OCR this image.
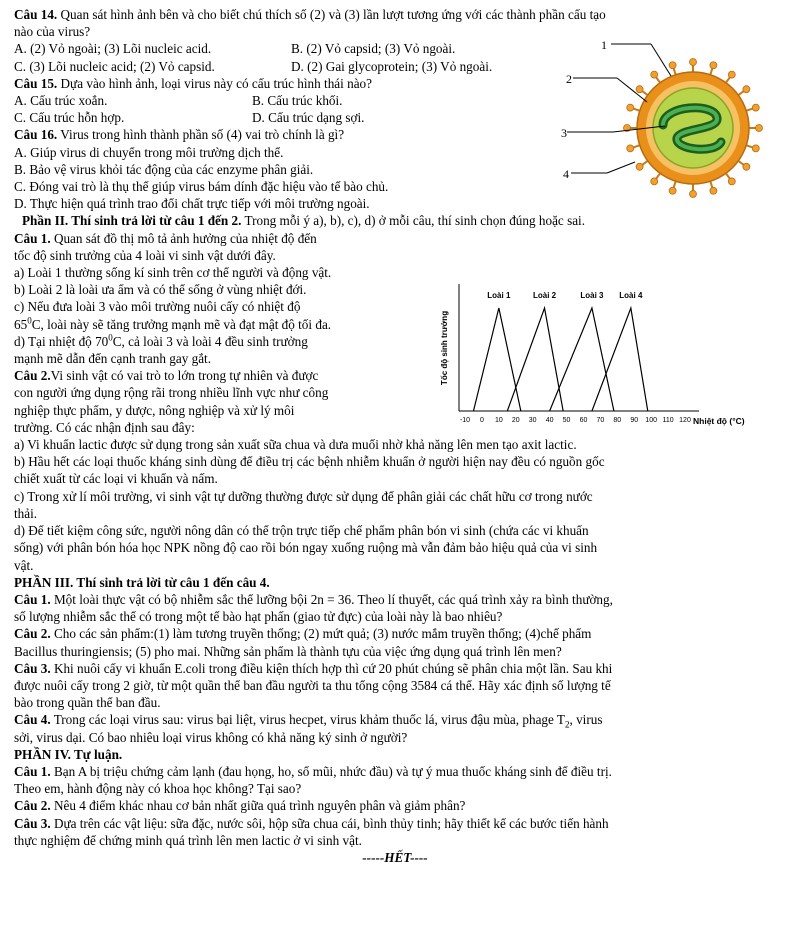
Câu 14. Quan sát hình ảnh bên và cho biết chú thích số (2) và (3) lần lượt tương ứng với các thành phần cấu tạo
nào của virus?
A. (2) Vỏ ngoài; (3) Lõi nucleic acid.	B. (2) Vỏ capsid; (3) Vỏ ngoài.
C. (3) Lõi nucleic acid; (2) Vỏ capsid.	D. (2) Gai glycoprotein; (3) Vỏ ngoài.
Câu 15. Dựa vào hình ảnh, loại virus này có cấu trúc hình thái nào?
A. Cấu trúc xoắn.	B. Cấu trúc khối.
C. Cấu trúc hỗn hợp.	D. Cấu trúc dạng sợi.
Câu 16. Virus trong hình thành phần số (4) vai trò chính là gì?
A. Giúp virus di chuyển trong môi trường dịch thể.
B. Bảo vệ virus khỏi tác động của các enzyme phân giải.
C. Đóng vai trò là thụ thể giúp virus bám dính đặc hiệu vào tế bào chủ.
D. Thực hiện quá trình trao đổi chất trực tiếp với môi trường ngoài.
Phần II. Thí sinh trả lời từ câu 1 đến 2. Trong mỗi ý a), b), c), d) ở mỗi câu, thí sinh chọn đúng hoặc sai.
Câu 1. Quan sát đồ thị mô tả ảnh hưởng của nhiệt độ đến
tốc độ sinh trưởng của 4 loài vi sinh vật dưới đây.
a) Loài 1 thường sống kí sinh trên cơ thể người và động vật.
b) Loài 2 là loài ưa ẩm và có thể sống ở vùng nhiệt đới.
c) Nếu đưa loài 3 vào môi trường nuôi cấy có nhiệt độ
$65^0C$, loài này sẽ tăng trưởng mạnh mẽ và đạt mật độ tối đa.
d) Tại nhiệt độ $70^0C$, cả loài 3 và loài 4 đều sinh trưởng
mạnh mẽ dẫn đến cạnh tranh gay gắt.
Câu 2.Vi sinh vật có vai trò to lớn trong tự nhiên và được
con người ứng dụng rộng rãi trong nhiều lĩnh vực như công
nghiệp thực phẩm, y dược, nông nghiệp và xử lý môi
trường. Có các nhận định sau đây:
a) Vi khuẩn lactic được sử dụng trong sản xuất sữa chua và dưa muối nhờ khả năng lên men tạo axit lactic.
b) Hầu hết các loại thuốc kháng sinh dùng để điều trị các bệnh nhiễm khuẩn ở người hiện nay đều có nguồn gốc
chiết xuất từ các loại vi khuẩn và nấm.
c) Trong xử lí môi trường, vi sinh vật tự dưỡng thường được sử dụng để phân giải các chất hữu cơ trong nước
thải.
d) Để tiết kiệm công sức, người nông dân có thể trộn trực tiếp chế phẩm phân bón vi sinh (chứa các vi khuẩn
sống) với phân bón hóa học NPK nồng độ cao rồi bón ngay xuống ruộng mà vẫn đảm bảo hiệu quả của vi sinh
vật.
PHẦN III. Thí sinh trả lời từ câu 1 đến câu 4.
Câu 1. Một loài thực vật có bộ nhiễm sắc thể lưỡng bội 2n = 36. Theo lí thuyết, các quá trình xảy ra bình thường,
số lượng nhiễm sắc thể có trong một tế bào hạt phấn (giao tử đực) của loài này là bao nhiêu?
Câu 2. Cho các sản phẩm:(1) làm tương truyền thống; (2) mứt quả; (3) nước mắm truyền thống; (4)chế phẩm
Bacillus thuringiensis; (5) pho mai. Những sản phẩm là thành tựu của việc ứng dụng quá trình lên men?
Câu 3. Khi nuôi cấy vi khuẩn E.coli trong điều kiện thích hợp thì cứ 20 phút chúng sẽ phân chia một lần. Sau khi
được nuôi cấy trong 2 giờ, từ một quần thể ban đầu người ta thu tổng cộng 3584 cá thể. Hãy xác định số lượng tế
bào trong quần thể ban đầu.
Câu 4. Trong các loại virus sau: virus bại liệt, virus hecpet, virus khảm thuốc lá, virus đậu mùa, phage $T_2$, virus
sởi, virus dại. Có bao nhiêu loại virus không có khả năng ký sinh ở người?
PHẦN IV. Tự luận.
Câu 1. Bạn A bị triệu chứng cảm lạnh (đau họng, ho, sổ mũi, nhức đầu) và tự ý mua thuốc kháng sinh để điều trị.
Theo em, hành động này có khoa học không? Tại sao?
Câu 2. Nêu 4 điểm khác nhau cơ bản nhất giữa quá trình nguyên phân và giảm phân?
Câu 3. Dựa trên các vật liệu: sữa đặc, nước sôi, hộp sữa chua cái, bình thủy tinh; hãy thiết kế các bước tiến hành
thực nghiệm để chứng minh quá trình lên men lactic ở vi sinh vật.
-----HẾT----
1
2
3
4
Tốc độ sinh trưởng
Nhiệt độ (°C)
-10 0 10 20 30 40 50 60 70 80 90 100 110 120
Loài 1	Loài 2	Loài 3 Loài 4
